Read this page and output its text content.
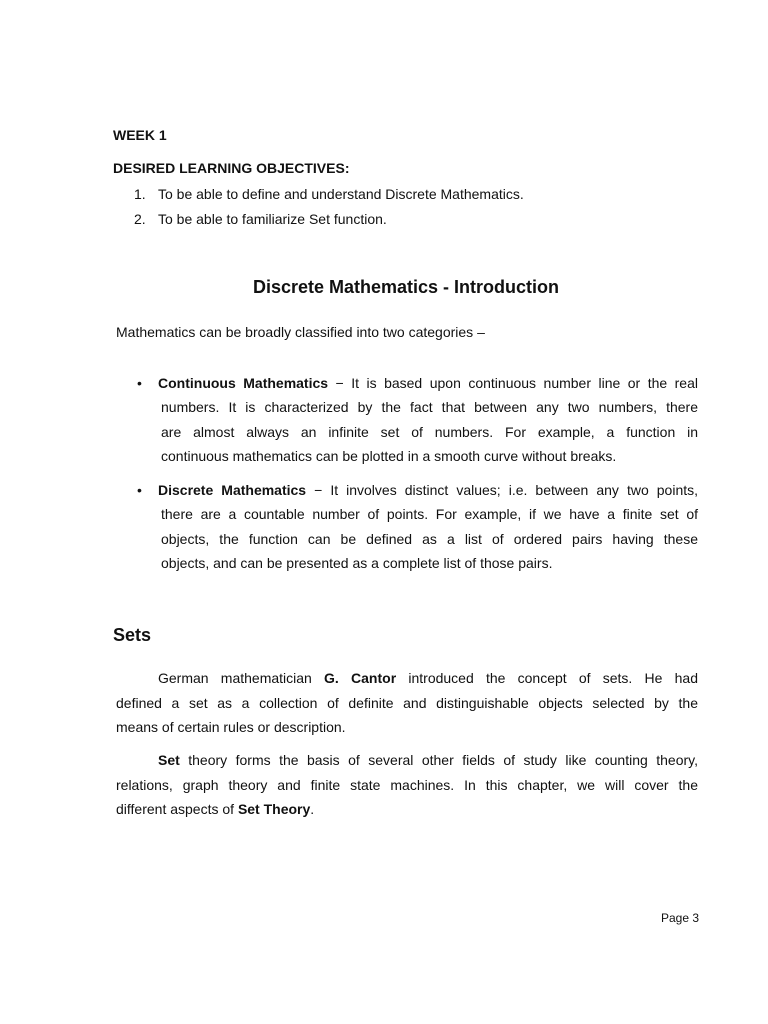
WEEK 1
DESIRED LEARNING OBJECTIVES:
1. To be able to define and understand Discrete Mathematics.
2. To be able to familiarize Set function.
Discrete Mathematics - Introduction
Mathematics can be broadly classified into two categories –
• Continuous Mathematics − It is based upon continuous number line or the real
numbers. It is characterized by the fact that between any two numbers, there
are almost always an infinite set of numbers. For example, a function in
continuous mathematics can be plotted in a smooth curve without breaks.
• Discrete Mathematics − It involves distinct values; i.e. between any two points,
there are a countable number of points. For example, if we have a finite set of
objects, the function can be defined as a list of ordered pairs having these
objects, and can be presented as a complete list of those pairs.
Sets
German mathematician G. Cantor introduced the concept of sets. He had
defined a set as a collection of definite and distinguishable objects selected by the
means of certain rules or description.
Set theory forms the basis of several other fields of study like counting theory,
relations, graph theory and finite state machines. In this chapter, we will cover the
different aspects of Set Theory.
Page 3
